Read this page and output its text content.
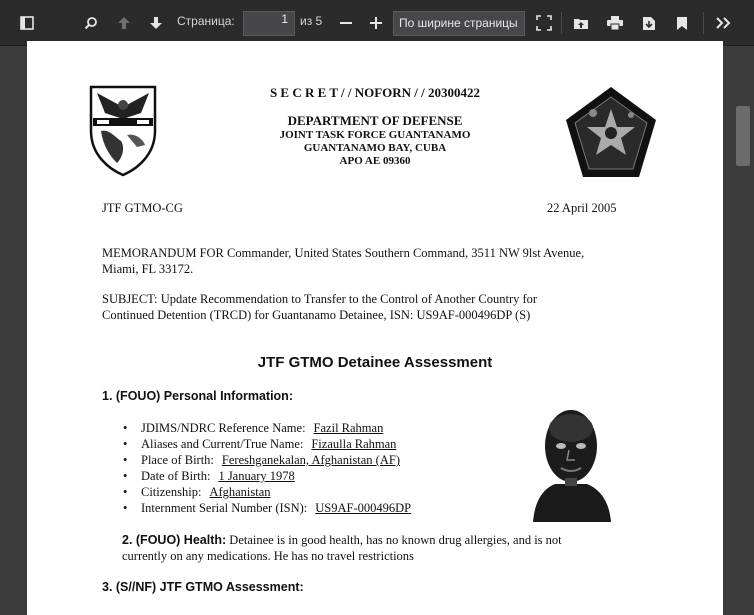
Страница:	1	из 5	По ширине страницы
S E C R E T / / NOFORN / / 20300422
DEPARTMENT OF DEFENSE
JOINT TASK FORCE GUANTANAMO
GUANTANAMO BAY, CUBA
APO AE 09360
JTF GTMO-CG	22 April 2005
MEMORANDUM FOR Commander, United States Southern Command, 3511 NW 9lst Avenue,
Miami, FL 33172.
SUBJECT: Update Recommendation to Transfer to the Control of Another Country for
Continued Detention (TRCD) for Guantanamo Detainee, ISN: US9AF-000496DP (S)
JTF GTMO Detainee Assessment
1. (FOUO) Personal Information:
• JDIMS/NDRC Reference Name: Fazil Rahman
• Aliases and Current/True Name: Fizaulla Rahman
• Place of Birth: Fereshganekalan, Afghanistan (AF)
• Date of Birth: 1 January 1978
• Citizenship: Afghanistan
• Internment Serial Number (ISN): US9AF-000496DP
2. (FOUO) Health: Detainee is in good health, has no known drug allergies, and is not
currently on any medications. He has no travel restrictions
3. (S//NF) JTF GTMO Assessment:
